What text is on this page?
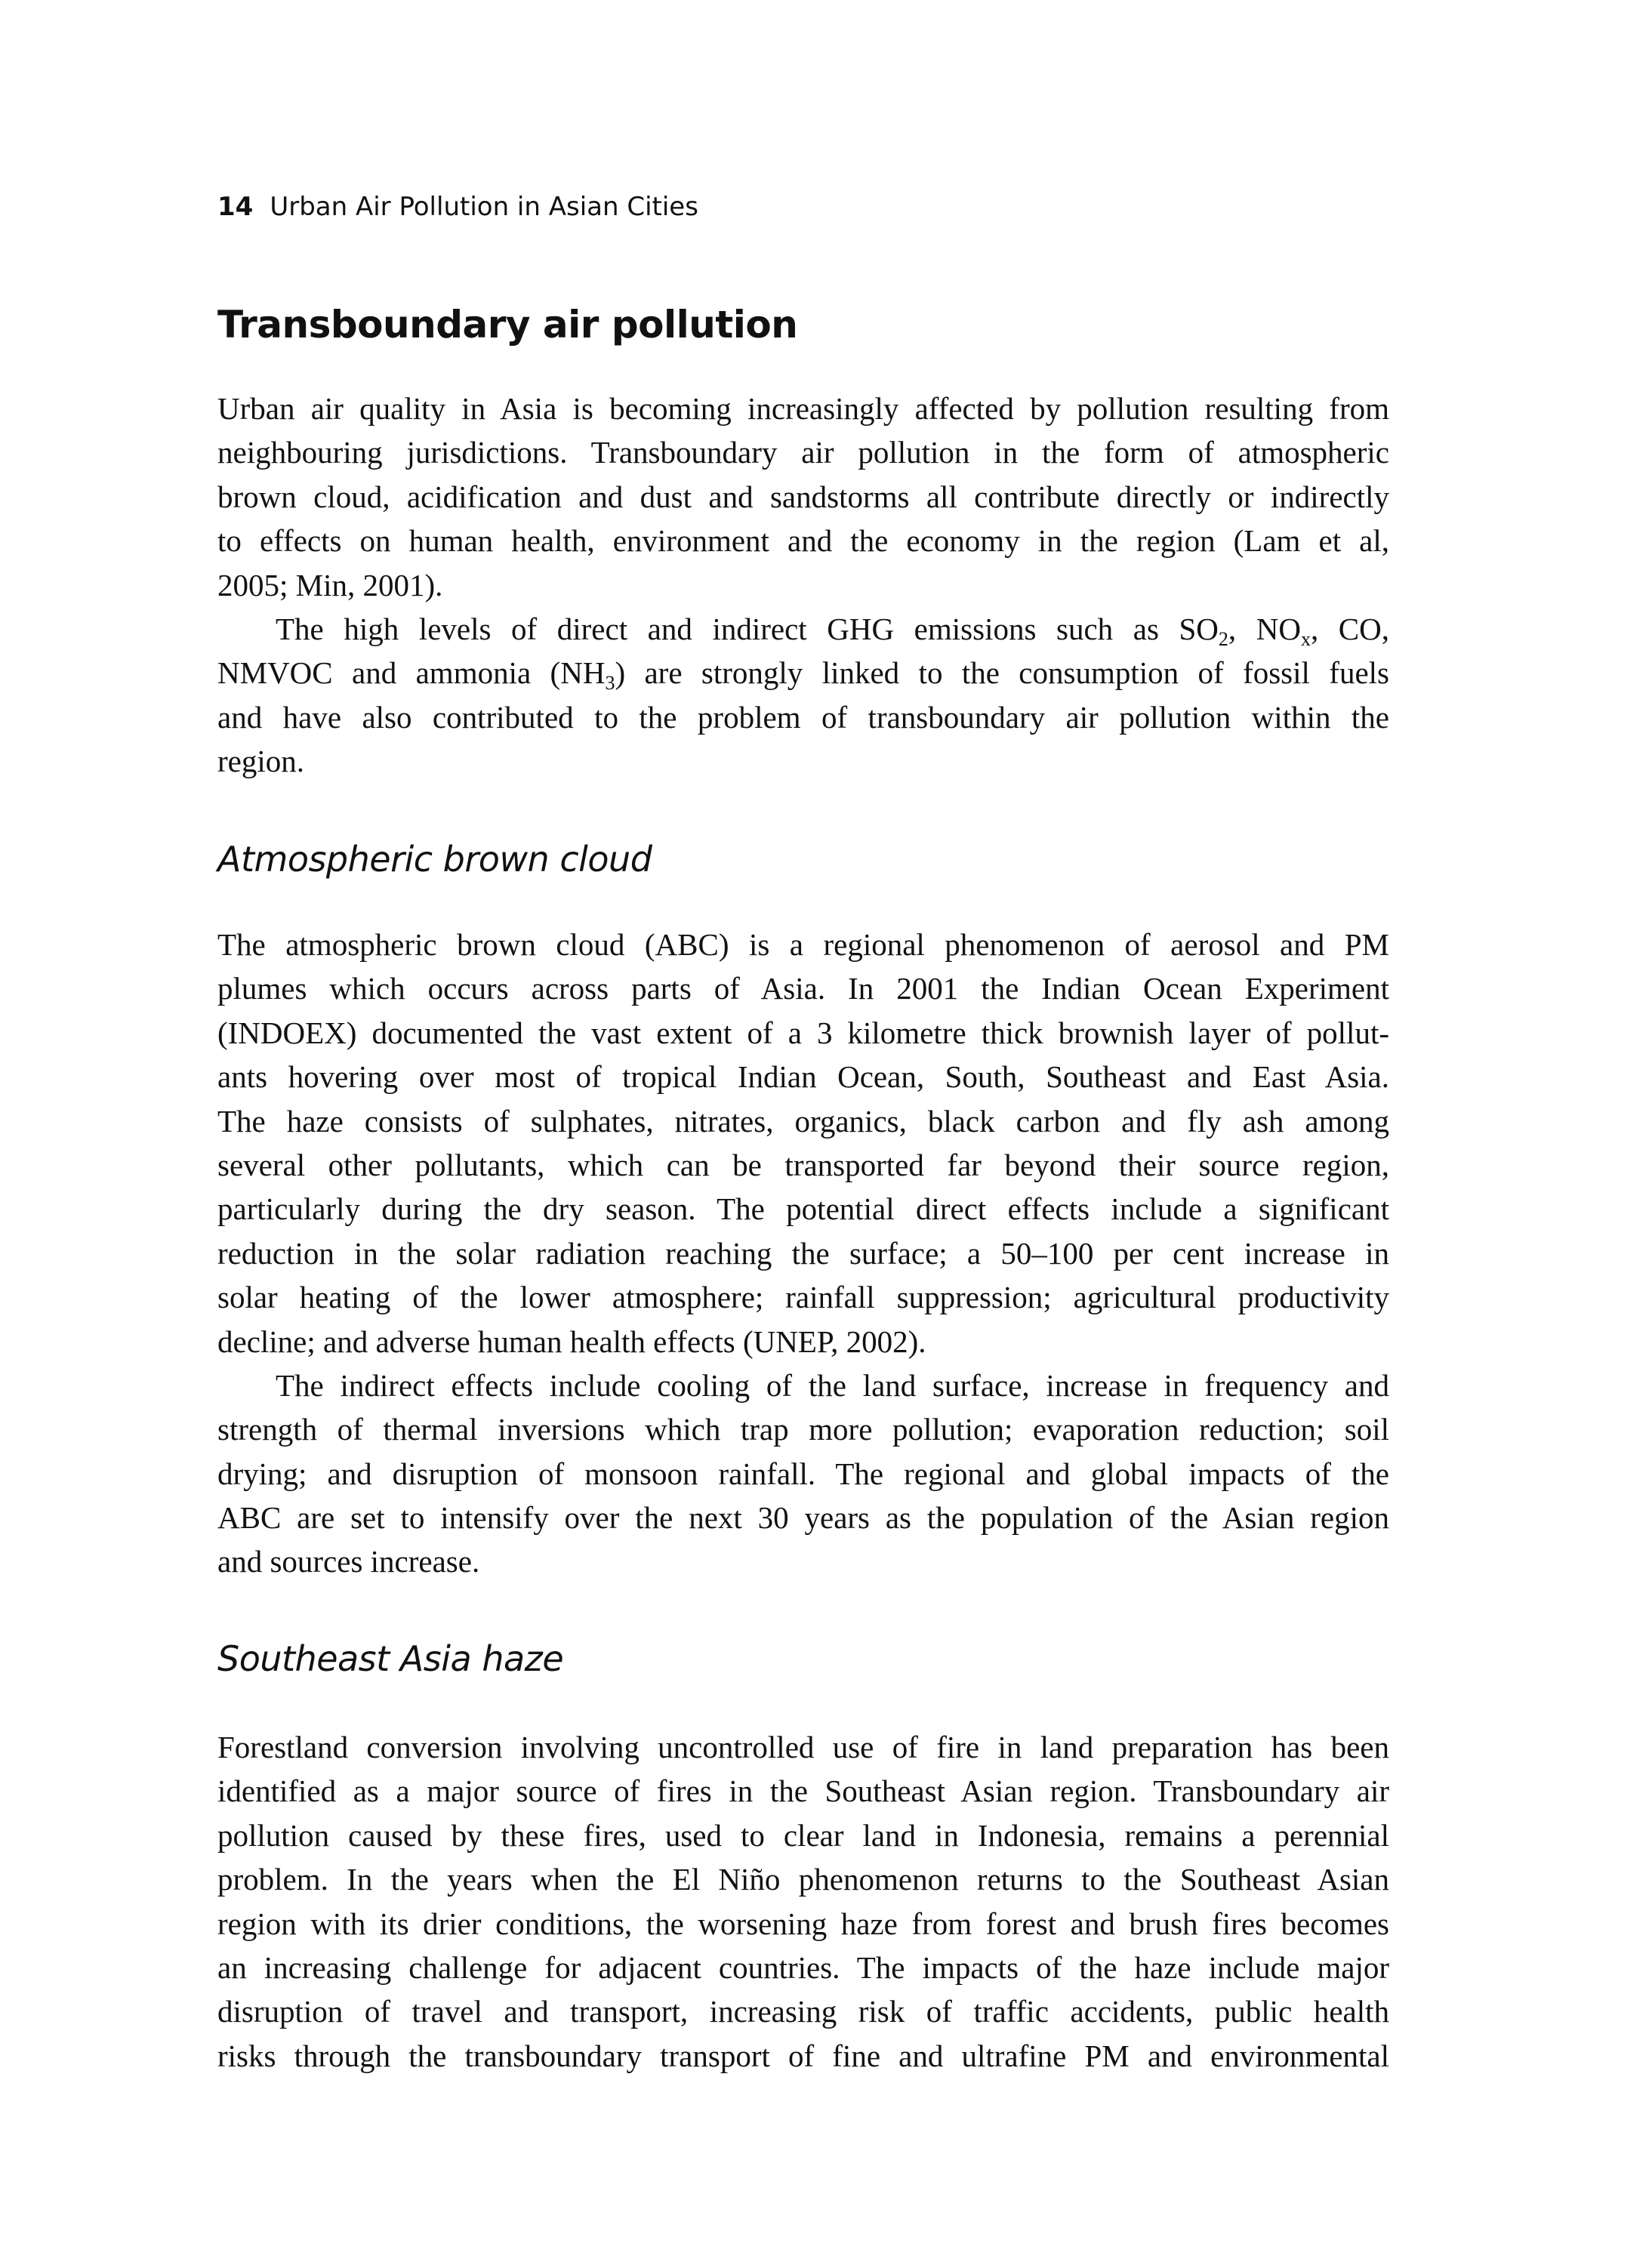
14 Urban Air Pollution in Asian Cities
Transboundary air pollution
Urban air quality in Asia is becoming increasingly affected by pollution resulting from
neighbouring jurisdictions. Transboundary air pollution in the form of atmospheric
brown cloud, acidification and dust and sandstorms all contribute directly or indirectly
to effects on human health, environment and the economy in the region (Lam et al,
2005; Min, 2001).
The high levels of direct and indirect GHG emissions such as $SO_2$, $NO_x$, CO,
NMVOC and ammonia $(NH_3)$ are strongly linked to the consumption of fossil fuels
and have also contributed to the problem of transboundary air pollution within the
region.
Atmospheric brown cloud
The atmospheric brown cloud (ABC) is a regional phenomenon of aerosol and PM
plumes which occurs across parts of Asia. In 2001 the Indian Ocean Experiment
(INDOEX) documented the vast extent of a 3 kilometre thick brownish layer of pollut-
ants hovering over most of tropical Indian Ocean, South, Southeast and East Asia.
The haze consists of sulphates, nitrates, organics, black carbon and fly ash among
several other pollutants, which can be transported far beyond their source region,
particularly during the dry season. The potential direct effects include a significant
reduction in the solar radiation reaching the surface; a 50–100 per cent increase in
solar heating of the lower atmosphere; rainfall suppression; agricultural productivity
decline; and adverse human health effects (UNEP, 2002).
The indirect effects include cooling of the land surface, increase in frequency and
strength of thermal inversions which trap more pollution; evaporation reduction; soil
drying; and disruption of monsoon rainfall. The regional and global impacts of the
ABC are set to intensify over the next 30 years as the population of the Asian region
and sources increase.
Southeast Asia haze
Forestland conversion involving uncontrolled use of fire in land preparation has been
identified as a major source of fires in the Southeast Asian region. Transboundary air
pollution caused by these fires, used to clear land in Indonesia, remains a perennial
problem. In the years when the El Niño phenomenon returns to the Southeast Asian
region with its drier conditions, the worsening haze from forest and brush fires becomes
an increasing challenge for adjacent countries. The impacts of the haze include major
disruption of travel and transport, increasing risk of traffic accidents, public health
risks through the transboundary transport of fine and ultrafine PM and environmental
